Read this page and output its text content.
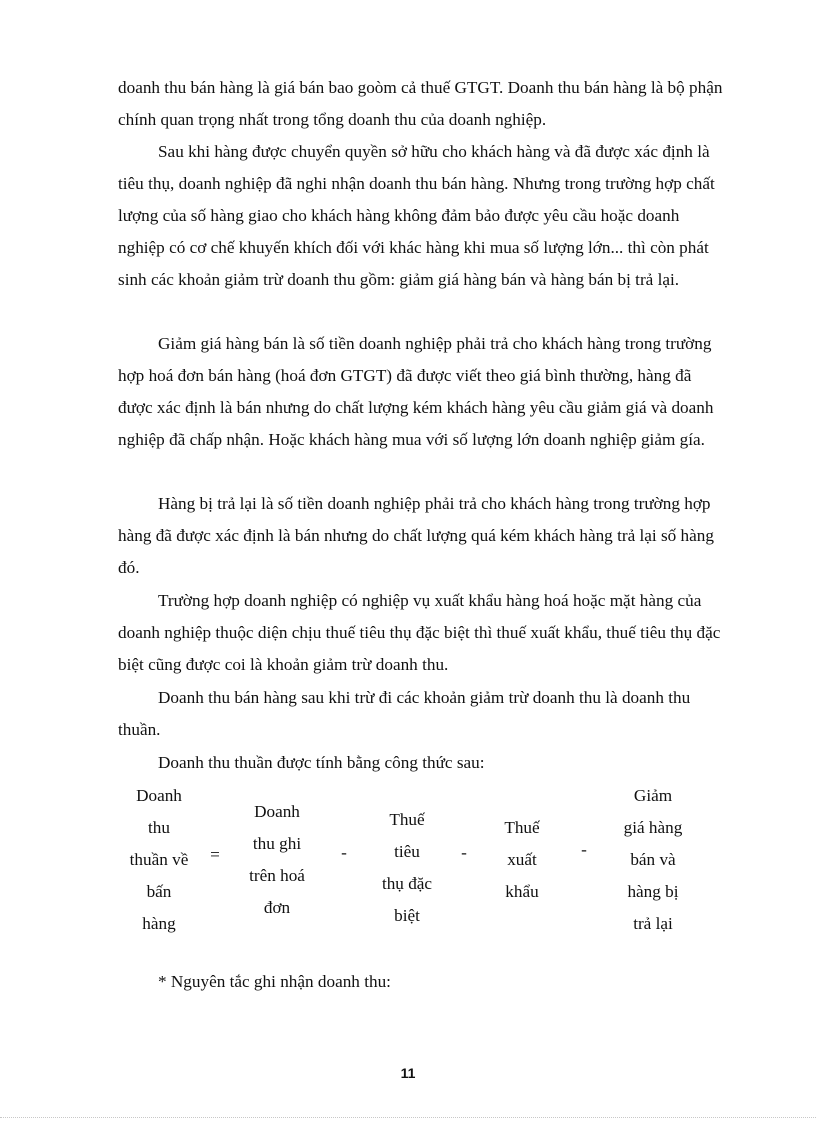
doanh thu bán hàng là giá bán bao goòm cả thuế GTGT. Doanh thu bán hàng là bộ phận chính quan trọng nhất trong tổng doanh thu của doanh nghiệp.

Sau khi hàng được chuyển quyền sở hữu cho khách hàng và đã được xác định là tiêu thụ, doanh nghiệp đã nghi nhận doanh thu bán hàng. Nhưng trong trường hợp chất lượng của số hàng giao cho khách hàng không đảm bảo được yêu cầu hoặc doanh nghiệp có cơ chế khuyến khích đối với khác hàng khi mua số lượng lớn... thì còn phát sinh các khoản giảm trừ doanh thu gồm: giảm giá hàng bán và hàng bán bị trả lại.

Giảm giá hàng bán là số tiền doanh nghiệp phải trả cho khách hàng trong trường hợp hoá đơn bán hàng (hoá đơn GTGT) đã được viết theo giá bình thường, hàng đã được xác định là bán nhưng do chất lượng kém khách hàng yêu cầu giảm giá và doanh nghiệp đã chấp nhận. Hoặc khách hàng mua với số lượng lớn doanh nghiệp giảm gía.

Hàng bị trả lại là số tiền doanh nghiệp phải trả cho khách hàng trong trường hợp hàng đã được xác định là bán nhưng do chất lượng quá kém khách hàng trả lại số hàng đó.

Trường hợp doanh nghiệp có nghiệp vụ xuất khẩu hàng hoá hoặc mặt hàng của doanh nghiệp thuộc diện chịu thuế tiêu thụ đặc biệt thì thuế xuất khẩu, thuế tiêu thụ đặc biệt cũng được coi là khoản giảm trừ doanh thu.

Doanh thu bán hàng sau khi trừ đi các khoản giảm trừ doanh thu là doanh thu thuần.

Doanh thu thuần được tính bằng công thức sau:

Doanh
thu
thuần về
bấn
hàng
=
Doanh
thu ghi
trên hoá
đơn
-
Thuế
tiêu
thụ đặc
biệt
-
Thuế
xuất
khẩu
-
Giảm
giá hàng
bán và
hàng bị
trả lại

* Nguyên tắc ghi nhận doanh thu:

11
